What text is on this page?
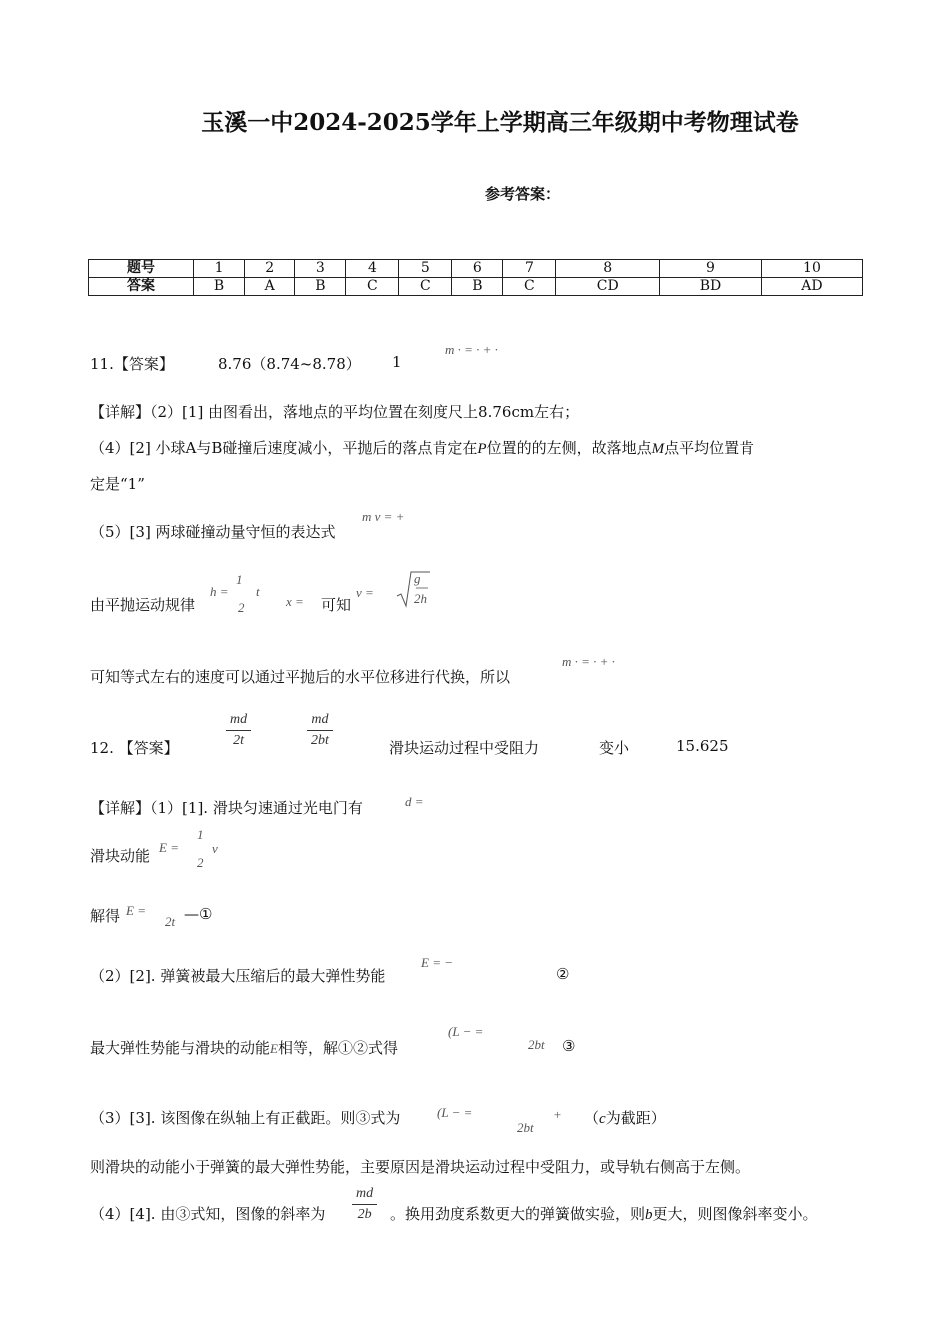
玉溪一中2024-2025学年上学期高三年级期中考物理试卷
参考答案：
题号	1	2	3	4	5	6	7	8	9	10
答案	B	A	B	C	C	B	C	CD	BD	AD
11.【答案】	8.76（8.74~8.78） 1
m · = · + ·
【详解】（2）[1] 由图看出，落地点的平均位置在刻度尺上8.76cm左右；
（4）[2] 小球A与B碰撞后速度减小，平抛后的落点肯定在P位置的的左侧，故落地点M点平均位置肯
定是“1”
（5）[3] 两球碰撞动量守恒的表达式
m v = +
由平抛运动规律
h =
1
2
t
x = 可知
v =	2h
g
可知等式左右的速度可以通过平抛后的水平位移进行代换，所以
m · = · + ·
12. 【答案】	$\frac{md}{2t}$	$\frac{md}{2bt}$	滑块运动过程中受阻力	变小	15.625
【详解】（1）[1]. 滑块匀速通过光电门有	d =
滑块动能 E =
1
2
v
解得 E =
2t —①
（2）[2]. 弹簧被最大压缩后的最大弹性势能
E = −
②
最大弹性势能与滑块的动能E相等，解①②式得
(L − =
2bt ③
（3）[3]. 该图像在纵轴上有正截距。则③式为	(L − =
2bt
+ （c为截距）
则滑块的动能小于弹簧的最大弹性势能，主要原因是滑块运动过程中受阻力，或导轨右侧高于左侧。
（4）[4]. 由③式知，图像的斜率为 $\frac{md}{2b}$ 。换用劲度系数更大的弹簧做实验，则b更大，则图像斜率变小。
